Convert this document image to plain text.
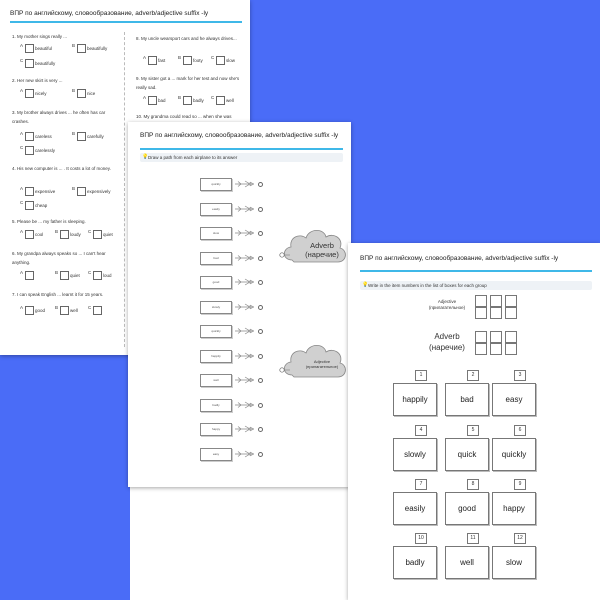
ВПР по английскому, словообразование, adverb/adjective suffix -ly
1. My mother sings really ...
A
beautiful
B
beautifully
C
beautifully
2. Her new skirt is very ...
A
nicely
B
nice
3. My brother always drives ... he often has car crashes.
A
careless
B
carefully
C
carelessly
4. His new computer is ... . It costs a lot of money.
A
expensive
B
expensively
C
cheap
5. Please be ... my father is sleeping.
A
cool
B
loudy
C
quiet
6. My grandpa always speaks so ... I can't hear anything.
A	B
quiet
C
loud
7. I can speak English ... learnt it for 15 years.
A
good
B
well
C
8. My uncle wearsport cars and he always drives...
A
fast
B
footy
C
slow
9. My sister got a ... mark for her test and now she's really sad.
A
bad
B
badly
C
well
10. My grandma could read so ... when she was
ВПР по английскому, словообразование, adverb/adjective suffix -ly
💡 Draw a path from each airplane to its answer
quickly
easily
slow
bad
good
slowly
quickly
happily
well
badly
happy
easy
Adverb (наречие)
Adjective (прилагательное)
ВПР по английскому, словообразование, adverb/adjective suffix -ly
💡 Write in the item numbers in the list of boxes for each group
Adjective (прилагательное)
Adverb (наречие)
1
happily
2
bad
3
easy
4
slowly
5
quick
6
quickly
7
easily
8
good
9
happy
10
badly
11
well
12
slow
